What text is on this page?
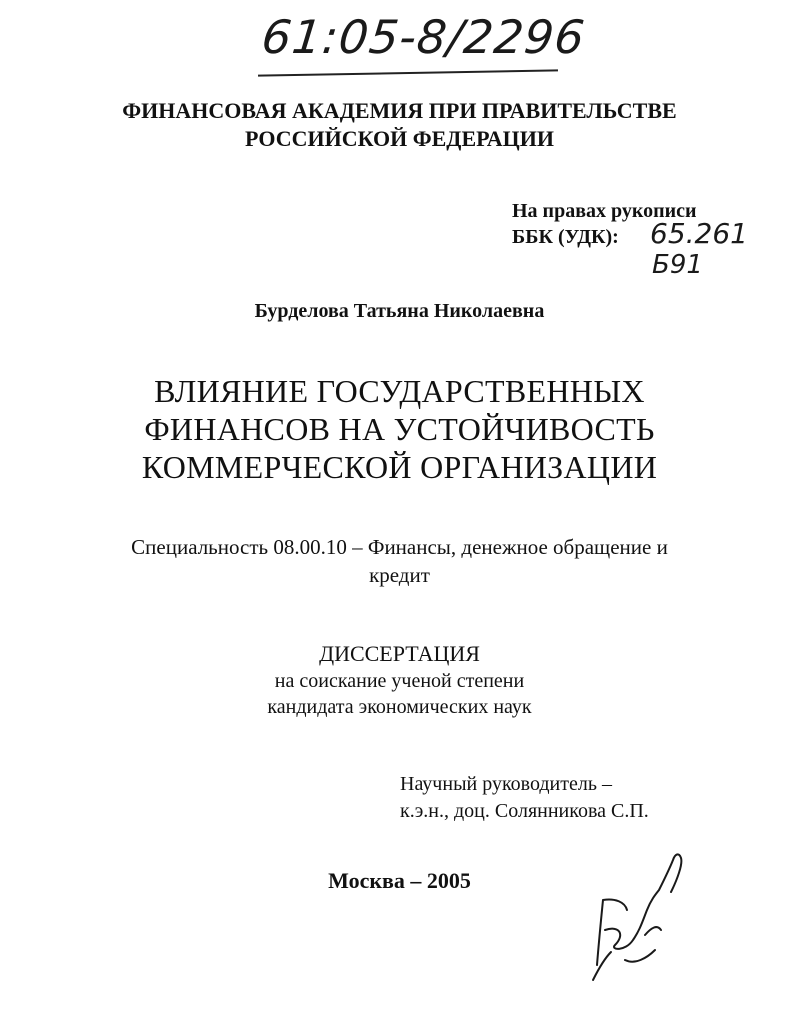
61:05-8/2296
ФИНАНСОВАЯ АКАДЕМИЯ ПРИ ПРАВИТЕЛЬСТВЕ
РОССИЙСКОЙ ФЕДЕРАЦИИ
На правах рукописи
ББК (УДК): 65.261
Б91
Бурделова Татьяна Николаевна
ВЛИЯНИЕ ГОСУДАРСТВЕННЫХ
ФИНАНСОВ НА УСТОЙЧИВОСТЬ
КОММЕРЧЕСКОЙ ОРГАНИЗАЦИИ
Специальность 08.00.10 – Финансы, денежное обращение и
кредит
ДИССЕРТАЦИЯ
на соискание ученой степени
кандидата экономических наук
Научный руководитель –
к.э.н., доц. Солянникова С.П.
Москва – 2005
